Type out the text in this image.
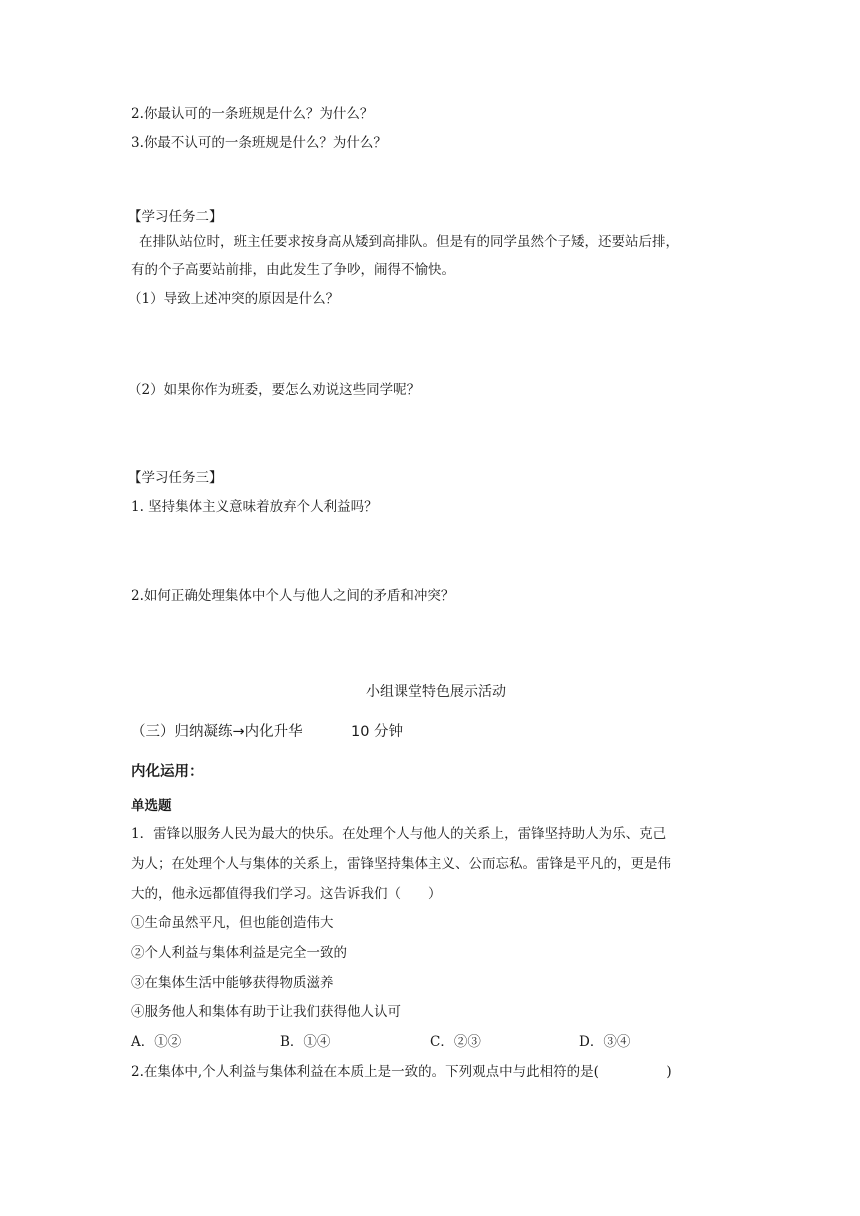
2.你最认可的一条班规是什么？为什么？
3.你最不认可的一条班规是什么？为什么？
【学习任务二】
在排队站位时，班主任要求按身高从矮到高排队。但是有的同学虽然个子矮，还要站后排，
有的个子高要站前排，由此发生了争吵，闹得不愉快。
（1）导致上述冲突的原因是什么？
（2）如果你作为班委，要怎么劝说这些同学呢？
【学习任务三】
1. 坚持集体主义意味着放弃个人利益吗？
2.如何正确处理集体中个人与他人之间的矛盾和冲突？
小组课堂特色展示活动
（三）归纳凝练→内化升华	10 分钟
内化运用：
单选题
1．雷锋以服务人民为最大的快乐。在处理个人与他人的关系上，雷锋坚持助人为乐、克己
为人；在处理个人与集体的关系上，雷锋坚持集体主义、公而忘私。雷锋是平凡的，更是伟
大的，他永远都值得我们学习。这告诉我们（　　）
①生命虽然平凡，但也能创造伟大
②个人利益与集体利益是完全一致的
③在集体生活中能够获得物质滋养
④服务他人和集体有助于让我们获得他人认可
A．①②	B．①④	C．②③	D．③④
2.在集体中,个人利益与集体利益在本质上是一致的。下列观点中与此相符的是(　　　　　)
